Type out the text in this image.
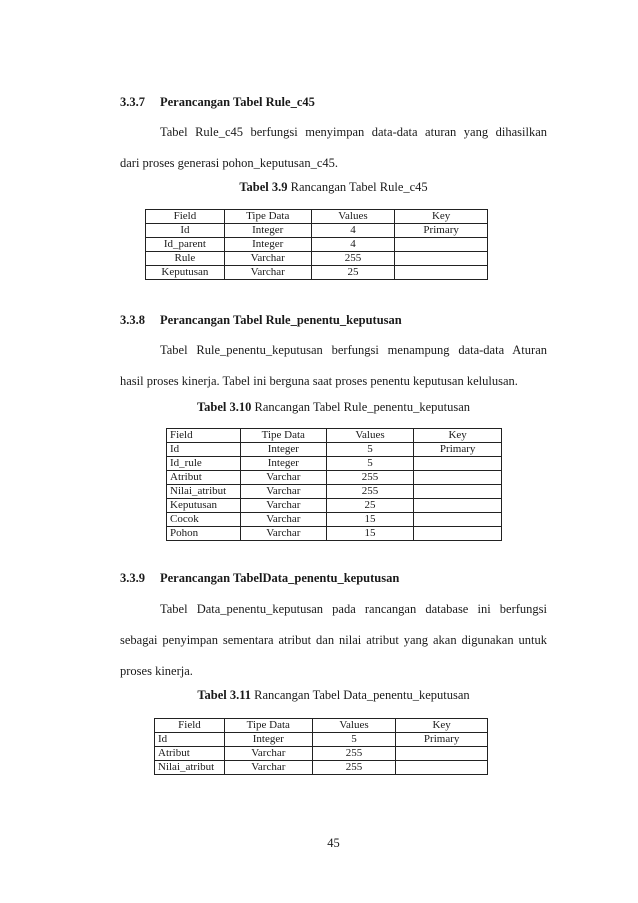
3.3.7 Perancangan Tabel Rule_c45
Tabel Rule_c45 berfungsi menyimpan data-data aturan yang dihasilkan
dari proses generasi pohon_keputusan_c45.
Tabel 3.9 Rancangan Tabel Rule_c45
Field	Tipe Data	Values	Key
Id	Integer	4	Primary
Id_parent	Integer	4	
Rule	Varchar	255	
Keputusan	Varchar	25	
3.3.8 Perancangan Tabel Rule_penentu_keputusan
Tabel Rule_penentu_keputusan berfungsi menampung data-data Aturan
hasil proses kinerja. Tabel ini berguna saat proses penentu keputusan kelulusan.
Tabel 3.10 Rancangan Tabel Rule_penentu_keputusan
Field	Tipe Data	Values	Key
Id	Integer	5	Primary
Id_rule	Integer	5	
Atribut	Varchar	255	
Nilai_atribut	Varchar	255	
Keputusan	Varchar	25	
Cocok	Varchar	15	
Pohon	Varchar	15	
3.3.9 Perancangan TabelData_penentu_keputusan
Tabel Data_penentu_keputusan pada rancangan database ini berfungsi
sebagai penyimpan sementara atribut dan nilai atribut yang akan digunakan untuk
proses kinerja.
Tabel 3.11 Rancangan Tabel Data_penentu_keputusan
Field	Tipe Data	Values	Key
Id	Integer	5	Primary
Atribut	Varchar	255	
Nilai_atribut	Varchar	255	
45
